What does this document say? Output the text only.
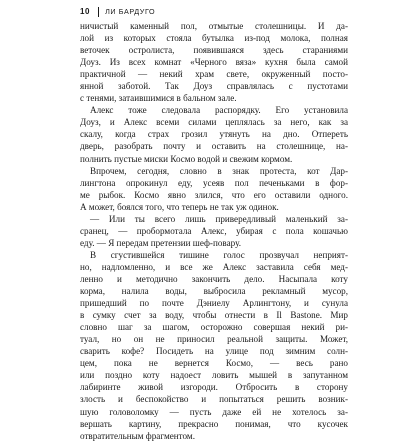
10 ЛИ БАРДУГО
ничистый каменный пол, отмытые столешницы. И да-
лой из которых стояла бутылка из-под молока, полная
веточек остролиста, появившаяся здесь стараниями
Доуз. Из всех комнат «Черного вяза» кухня была самой
практичной — некий храм свете, окруженный посто-
янной заботой. Так Доуз справлялась с пустотами
с тенями, затаившимися в бальном зале.
Алекс тоже следовала распорядку. Его установила
Доуз, и Алекс всеми силами цеплялась за него, как за
скалу, когда страх грозил утянуть на дно. Отпереть
дверь, разобрать почту и оставить на столешнице, на-
полнить пустые миски Космо водой и свежим кормом.
Впрочем, сегодня, словно в знак протеста, кот Дар-
лингтона опрокинул еду, усеяв пол печеньками в фор-
ме рыбок. Космо явно злился, что его оставили одного.
А может, боялся того, что теперь не так уж одинок.
— Или ты всего лишь привередливый маленький за-
сранец, — пробормотала Алекс, убирая с пола кошачью
еду. — Я передам претензии шеф-повару.
В сгустившейся тишине голос прозвучал неприят-
но, надломленно, и все же Алекс заставила себя мед-
ленно и методично закончить дело. Насыпала коту
корма, налила воды, выбросила рекламный мусор,
пришедший по почте Дэниелу Арлингтону, и сунула
в сумку счет за воду, чтобы отнести в Il Bastone. Мир
словно шаг за шагом, осторожно совершая некий ри-
туал, но он не приносил реальной защиты. Может,
сварить кофе? Посидеть на улице под зимним солн-
цем, пока не вернется Космо, — весь рано
или поздно коту надоест ловить мышей в запутанном
лабиринте живой изгороди. Отбросить в сторону
злость и беспокойство и попытаться решить возник-
шую головоломку — пусть даже ей не хотелось за-
вершать картину, прекрасно понимая, что кусочек
отвратительным фрагментом.
